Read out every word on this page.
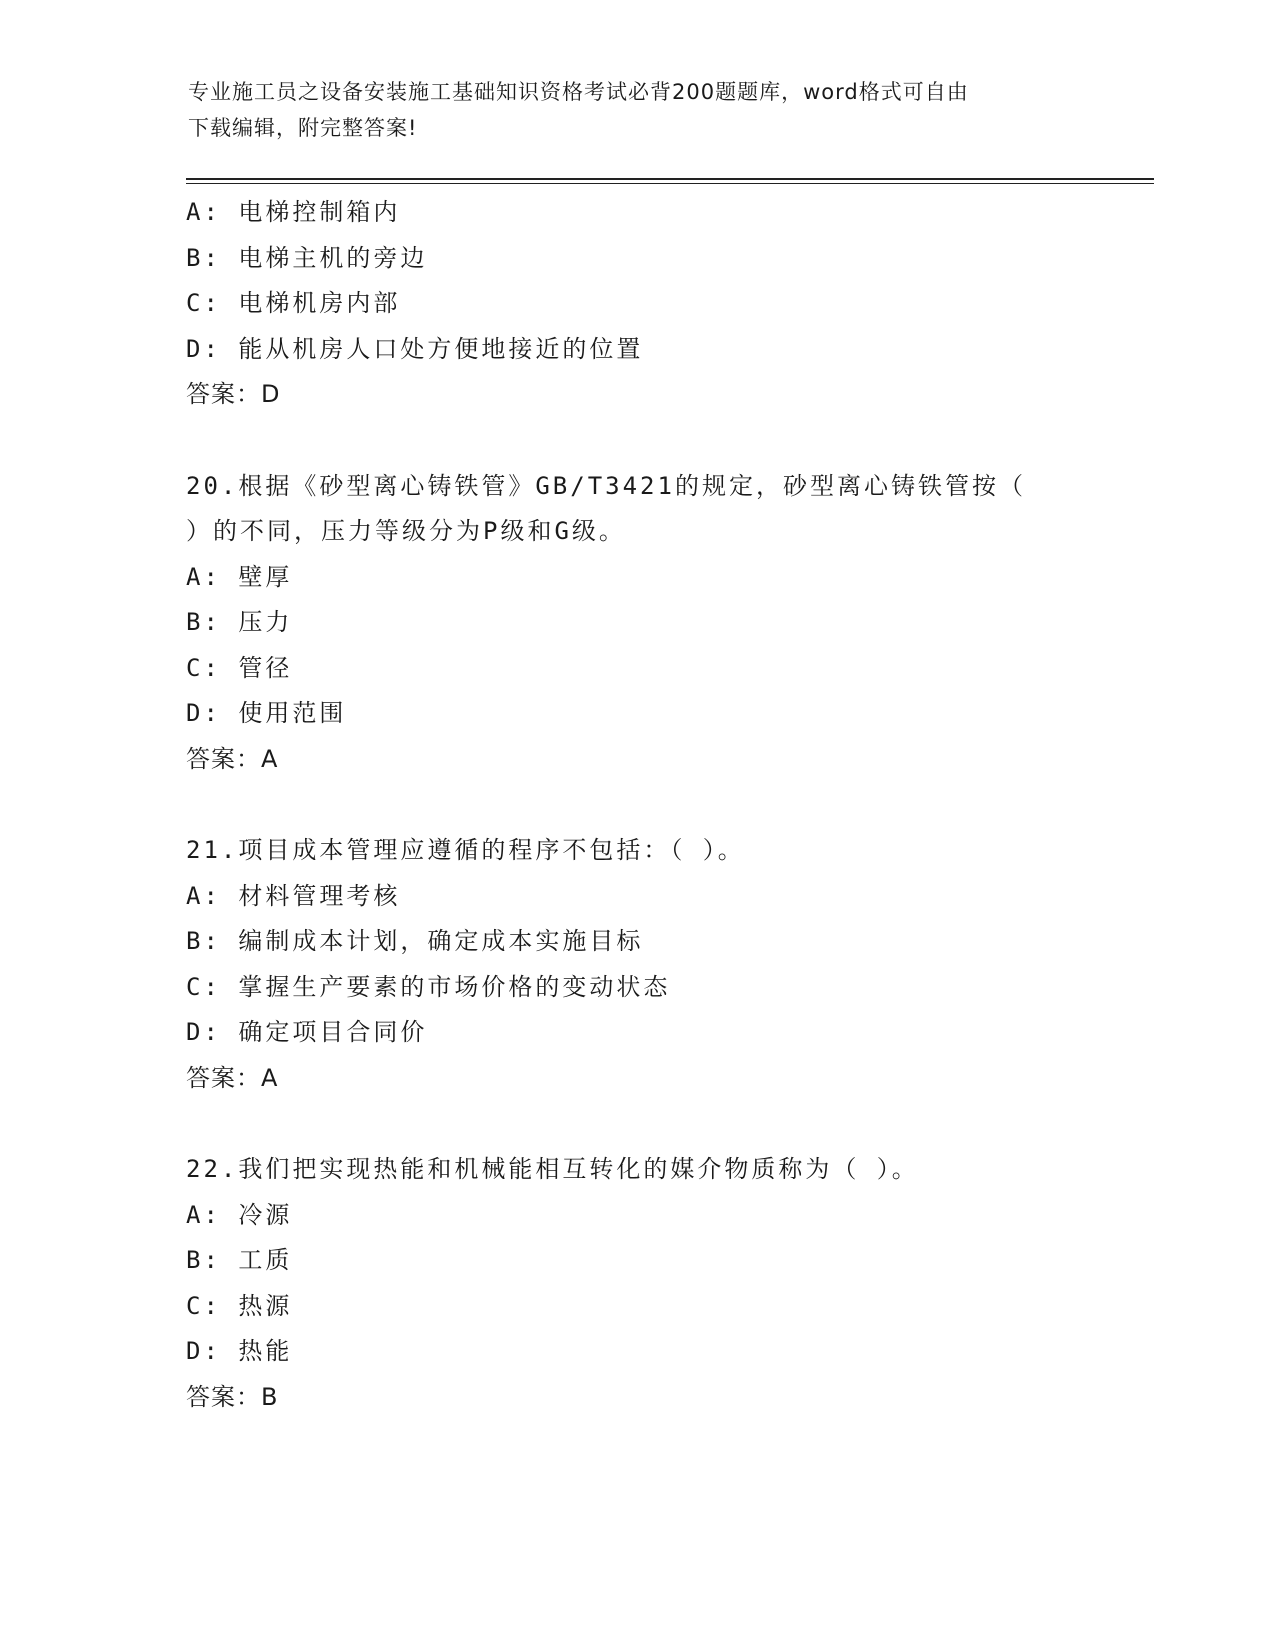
专业施工员之设备安装施工基础知识资格考试必背200题题库，word格式可自由
下载编辑，附完整答案!
A: 电梯控制箱内
B: 电梯主机的旁边
C: 电梯机房内部
D: 能从机房人口处方便地接近的位置
答案：D
20.根据《砂型离心铸铁管》GB/T3421的规定，砂型离心铸铁管按（
）的不同，压力等级分为P级和G级。
A: 壁厚
B: 压力
C: 管径
D: 使用范围
答案：A
21.项目成本管理应遵循的程序不包括：（ ）。
A: 材料管理考核
B: 编制成本计划，确定成本实施目标
C: 掌握生产要素的市场价格的变动状态
D: 确定项目合同价
答案：A
22.我们把实现热能和机械能相互转化的媒介物质称为（ ）。
A: 冷源
B: 工质
C: 热源
D: 热能
答案：B
